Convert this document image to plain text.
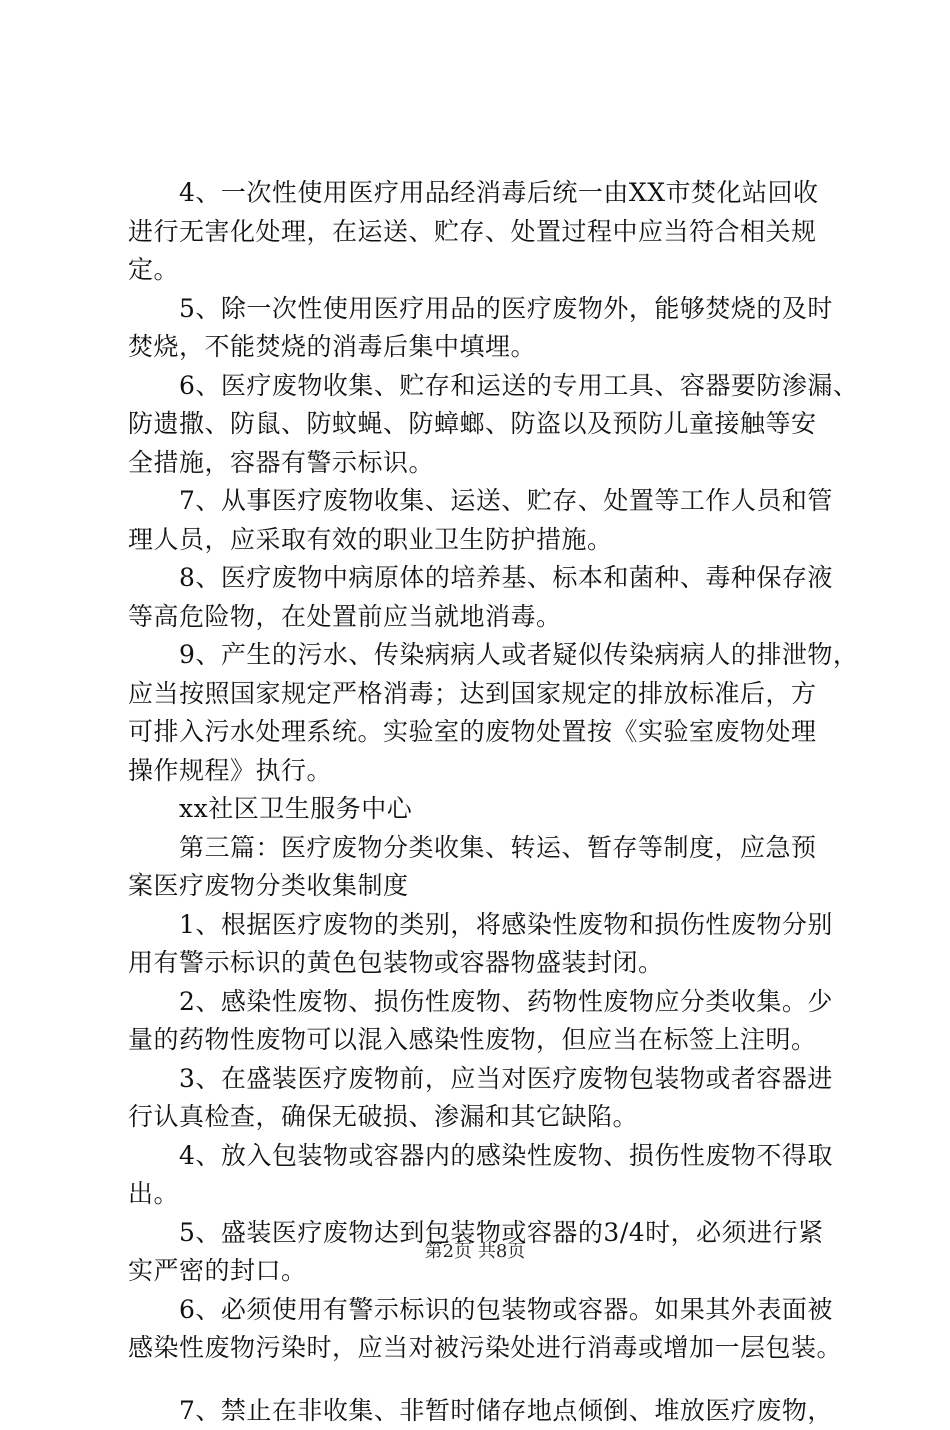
　　4、一次性使用医疗用品经消毒后统一由XX市焚化站回收
进行无害化处理，在运送、贮存、处置过程中应当符合相关规
定。
　　5、除一次性使用医疗用品的医疗废物外，能够焚烧的及时
焚烧，不能焚烧的消毒后集中填埋。
　　6、医疗废物收集、贮存和运送的专用工具、容器要防渗漏、
防遗撒、防鼠、防蚊蝇、防蟑螂、防盗以及预防儿童接触等安
全措施，容器有警示标识。
　　7、从事医疗废物收集、运送、贮存、处置等工作人员和管
理人员，应采取有效的职业卫生防护措施。
　　8、医疗废物中病原体的培养基、标本和菌种、毒种保存液
等高危险物，在处置前应当就地消毒。
　　9、产生的污水、传染病病人或者疑似传染病病人的排泄物，
应当按照国家规定严格消毒；达到国家规定的排放标准后，方
可排入污水处理系统。实验室的废物处置按《实验室废物处理
操作规程》执行。
　　xx社区卫生服务中心
　　第三篇：医疗废物分类收集、转运、暂存等制度，应急预
案医疗废物分类收集制度
　　1、根据医疗废物的类别，将感染性废物和损伤性废物分别
用有警示标识的黄色包装物或容器物盛装封闭。
　　2、感染性废物、损伤性废物、药物性废物应分类收集。少
量的药物性废物可以混入感染性废物，但应当在标签上注明。
　　3、在盛装医疗废物前，应当对医疗废物包装物或者容器进
行认真检查，确保无破损、渗漏和其它缺陷。
　　4、放入包装物或容器内的感染性废物、损伤性废物不得取
出。
　　5、盛装医疗废物达到包装物或容器的3/4时，必须进行紧
实严密的封口。
　　6、必须使用有警示标识的包装物或容器。如果其外表面被
感染性废物污染时，应当对被污染处进行消毒或增加一层包装。
　　7、禁止在非收集、非暂时储存地点倾倒、堆放医疗废物，
第2页 共8页
